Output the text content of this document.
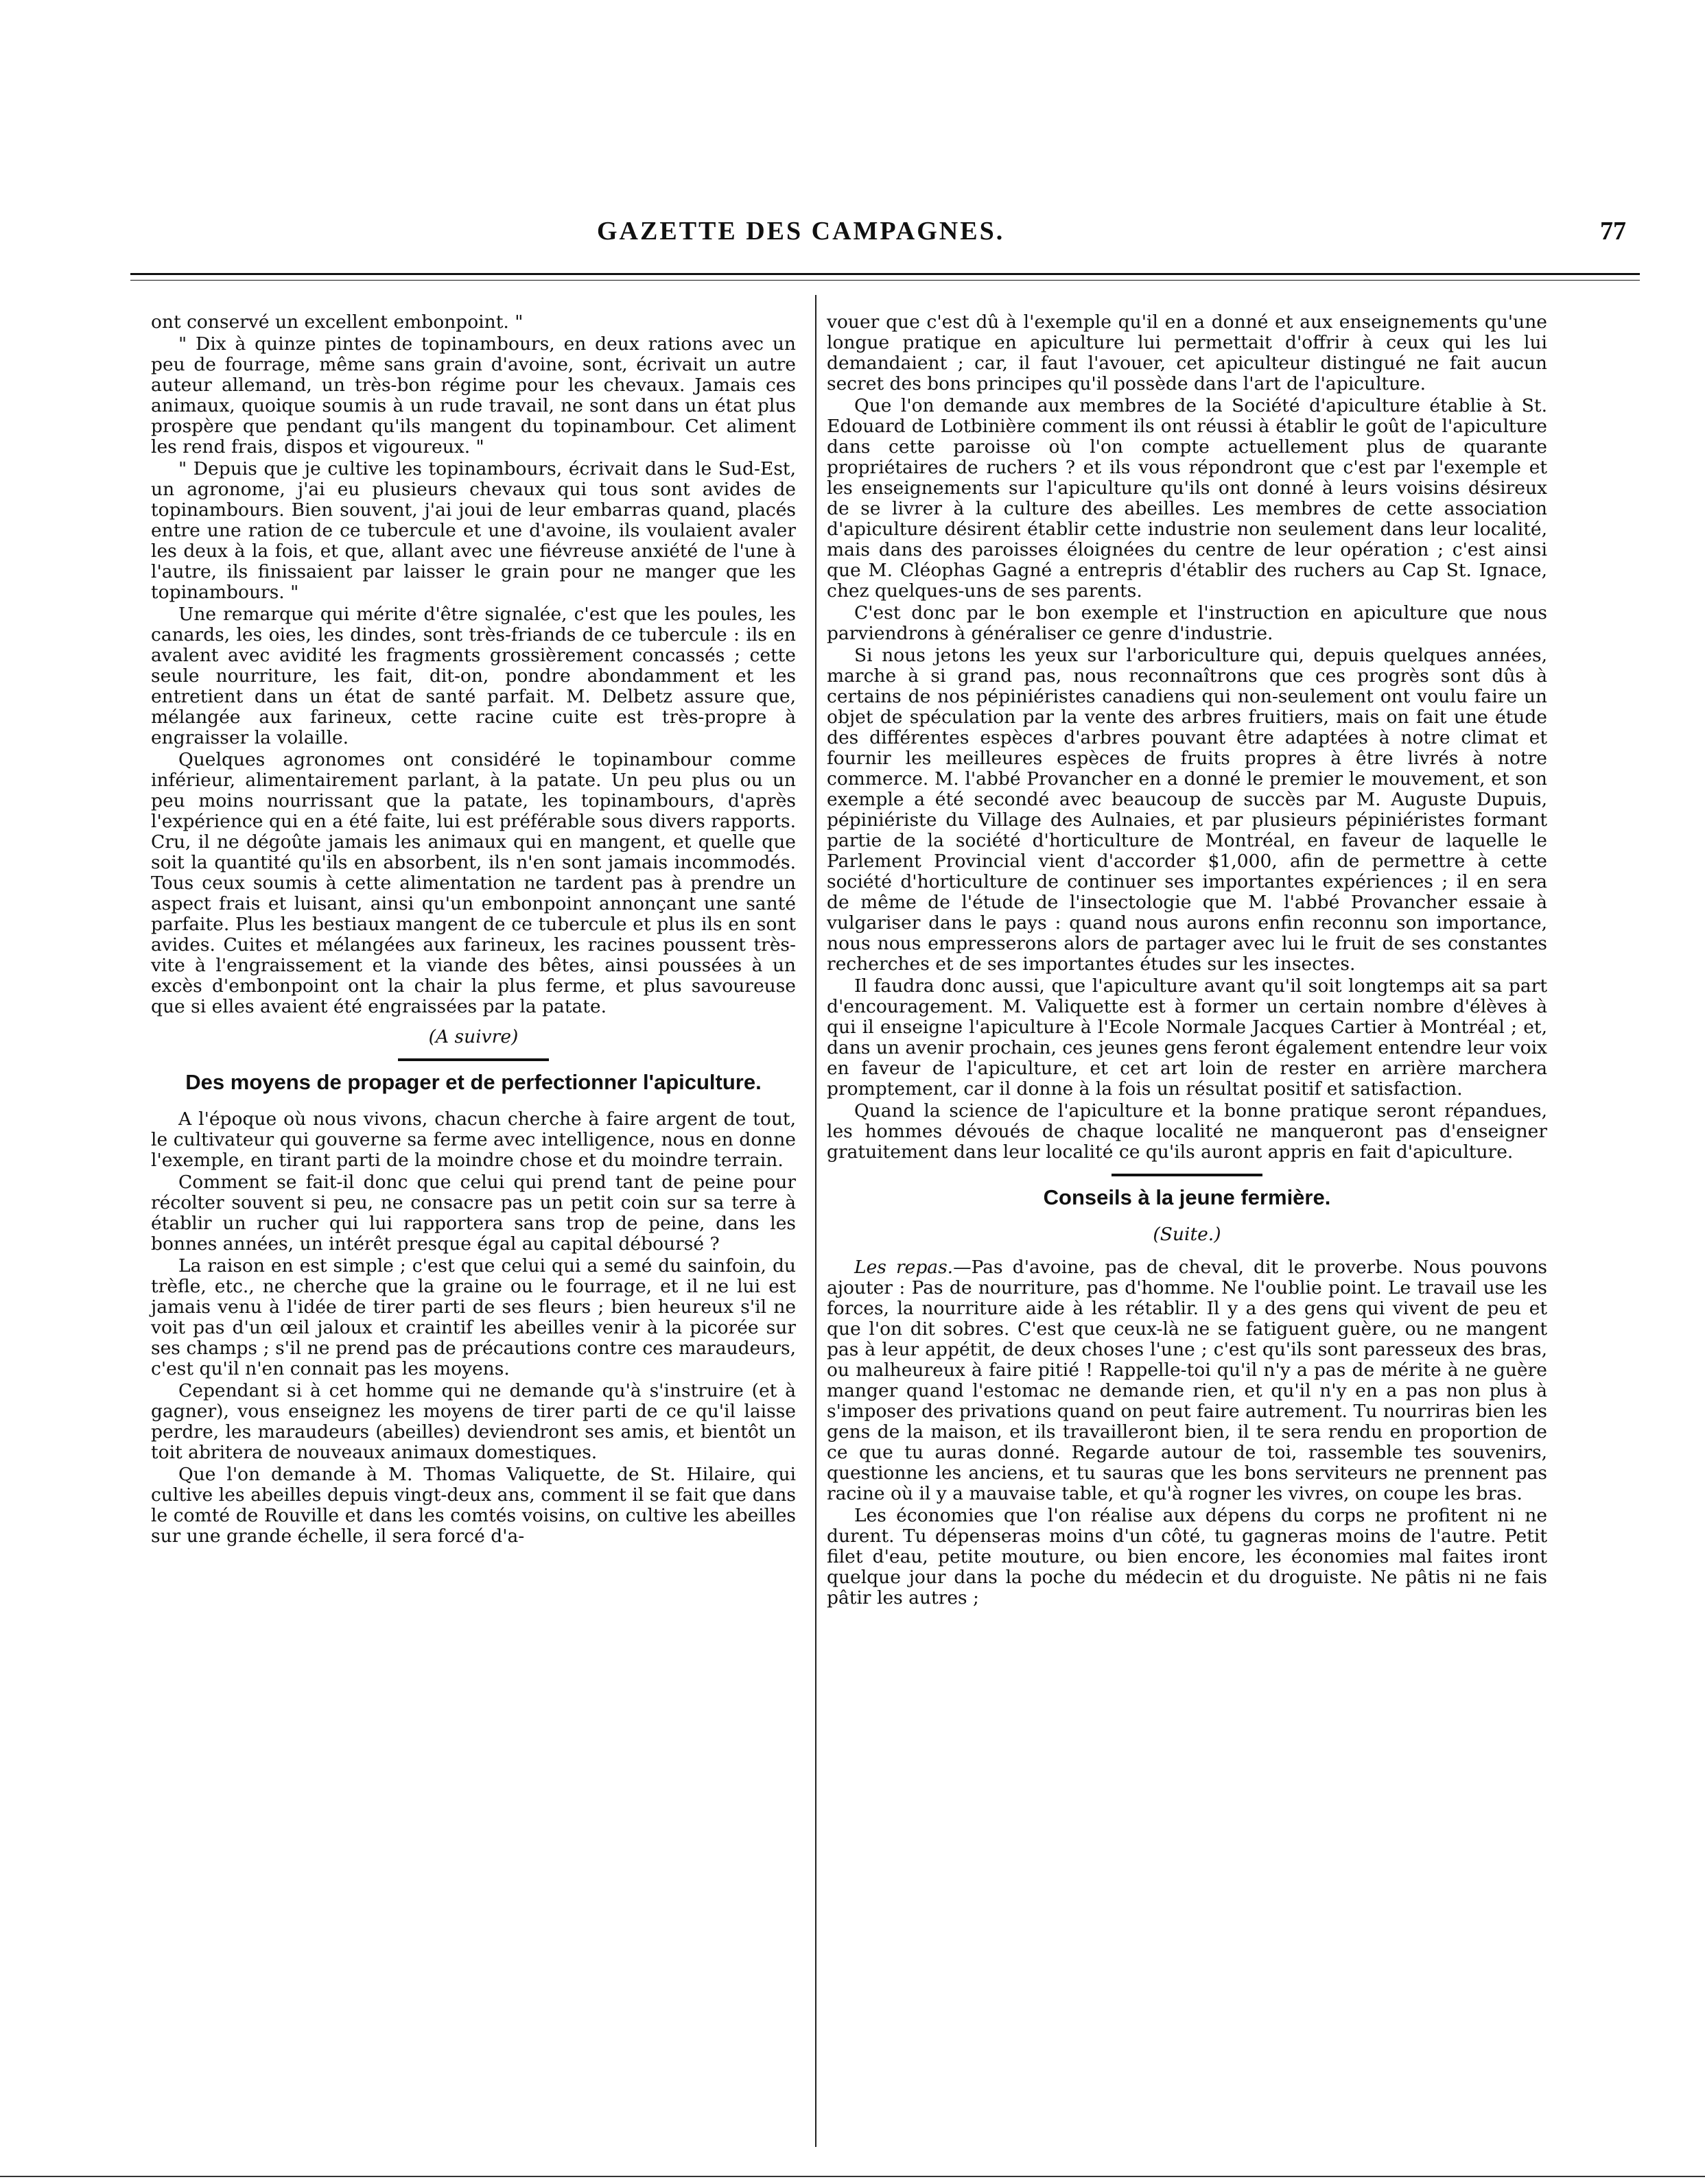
GAZETTE DES CAMPAGNES.	77

ont conservé un excellent embonpoint. "

" Dix à quinze pintes de topinambours, en deux rations avec un peu de fourrage, même sans grain d'avoine, sont, écrivait un autre auteur allemand, un très-bon régime pour les chevaux. Jamais ces animaux, quoique soumis à un rude travail, ne sont dans un état plus prospère que pendant qu'ils mangent du topinambour. Cet aliment les rend frais, dispos et vigoureux. "

" Depuis que je cultive les topinambours, écrivait dans le Sud-Est, un agronome, j'ai eu plusieurs chevaux qui tous sont avides de topinambours. Bien souvent, j'ai joui de leur embarras quand, placés entre une ration de ce tubercule et une d'avoine, ils voulaient avaler les deux à la fois, et que, allant avec une fiévreuse anxiété de l'une à l'autre, ils finissaient par laisser le grain pour ne manger que les topinambours. "

Une remarque qui mérite d'être signalée, c'est que les poules, les canards, les oies, les dindes, sont très-friands de ce tubercule : ils en avalent avec avidité les fragments grossièrement concassés ; cette seule nourriture, les fait, dit-on, pondre abondamment et les entretient dans un état de santé parfait. M. Delbetz assure que, mélangée aux farineux, cette racine cuite est très-propre à engraisser la volaille.

Quelques agronomes ont considéré le topinambour comme inférieur, alimentairement parlant, à la patate. Un peu plus ou un peu moins nourrissant que la patate, les topinambours, d'après l'expérience qui en a été faite, lui est préférable sous divers rapports. Cru, il ne dégoûte jamais les animaux qui en mangent, et quelle que soit la quantité qu'ils en absorbent, ils n'en sont jamais incommodés. Tous ceux soumis à cette alimentation ne tardent pas à prendre un aspect frais et luisant, ainsi qu'un embonpoint annonçant une santé parfaite. Plus les bestiaux mangent de ce tubercule et plus ils en sont avides. Cuites et mélangées aux farineux, les racines poussent très-vite à l'engraissement et la viande des bêtes, ainsi poussées à un excès d'embonpoint ont la chair la plus ferme, et plus savoureuse que si elles avaient été engraissées par la patate.

(A suivre)

Des moyens de propager et de perfectionner l'apiculture.

A l'époque où nous vivons, chacun cherche à faire argent de tout, le cultivateur qui gouverne sa ferme avec intelligence, nous en donne l'exemple, en tirant parti de la moindre chose et du moindre terrain.

Comment se fait-il donc que celui qui prend tant de peine pour récolter souvent si peu, ne consacre pas un petit coin sur sa terre à établir un rucher qui lui rapportera sans trop de peine, dans les bonnes années, un intérêt presque égal au capital déboursé ?

La raison en est simple ; c'est que celui qui a semé du sainfoin, du trèfle, etc., ne cherche que la graine ou le fourrage, et il ne lui est jamais venu à l'idée de tirer parti de ses fleurs ; bien heureux s'il ne voit pas d'un œil jaloux et craintif les abeilles venir à la picorée sur ses champs ; s'il ne prend pas de précautions contre ces maraudeurs, c'est qu'il n'en connait pas les moyens.

Cependant si à cet homme qui ne demande qu'à s'instruire (et à gagner), vous enseignez les moyens de tirer parti de ce qu'il laisse perdre, les maraudeurs (abeilles) deviendront ses amis, et bientôt un toit abritera de nouveaux animaux domestiques.

Que l'on demande à M. Thomas Valiquette, de St. Hilaire, qui cultive les abeilles depuis vingt-deux ans, comment il se fait que dans le comté de Rouville et dans les comtés voisins, on cultive les abeilles sur une grande échelle, il sera forcé d'a-

vouer que c'est dû à l'exemple qu'il en a donné et aux enseignements qu'une longue pratique en apiculture lui permettait d'offrir à ceux qui les lui demandaient ; car, il faut l'avouer, cet apiculteur distingué ne fait aucun secret des bons principes qu'il possède dans l'art de l'apiculture.

Que l'on demande aux membres de la Société d'apiculture établie à St. Edouard de Lotbinière comment ils ont réussi à établir le goût de l'apiculture dans cette paroisse où l'on compte actuellement plus de quarante propriétaires de ruchers ? et ils vous répondront que c'est par l'exemple et les enseignements sur l'apiculture qu'ils ont donné à leurs voisins désireux de se livrer à la culture des abeilles. Les membres de cette association d'apiculture désirent établir cette industrie non seulement dans leur localité, mais dans des paroisses éloignées du centre de leur opération ; c'est ainsi que M. Cléophas Gagné a entrepris d'établir des ruchers au Cap St. Ignace, chez quelques-uns de ses parents.

C'est donc par le bon exemple et l'instruction en apiculture que nous parviendrons à généraliser ce genre d'industrie.

Si nous jetons les yeux sur l'arboriculture qui, depuis quelques années, marche à si grand pas, nous reconnaîtrons que ces progrès sont dûs à certains de nos pépiniéristes canadiens qui non-seulement ont voulu faire un objet de spéculation par la vente des arbres fruitiers, mais on fait une étude des différentes espèces d'arbres pouvant être adaptées à notre climat et fournir les meilleures espèces de fruits propres à être livrés à notre commerce. M. l'abbé Provancher en a donné le premier le mouvement, et son exemple a été secondé avec beaucoup de succès par M. Auguste Dupuis, pépiniériste du Village des Aulnaies, et par plusieurs pépiniéristes formant partie de la société d'horticulture de Montréal, en faveur de laquelle le Parlement Provincial vient d'accorder $1,000, afin de permettre à cette société d'horticulture de continuer ses importantes expériences ; il en sera de même de l'étude de l'insectologie que M. l'abbé Provancher essaie à vulgariser dans le pays : quand nous aurons enfin reconnu son importance, nous nous empresserons alors de partager avec lui le fruit de ses constantes recherches et de ses importantes études sur les insectes.

Il faudra donc aussi, que l'apiculture avant qu'il soit longtemps ait sa part d'encouragement. M. Valiquette est à former un certain nombre d'élèves à qui il enseigne l'apiculture à l'Ecole Normale Jacques Cartier à Montréal ; et, dans un avenir prochain, ces jeunes gens feront également entendre leur voix en faveur de l'apiculture, et cet art loin de rester en arrière marchera promptement, car il donne à la fois un résultat positif et satisfaction.

Quand la science de l'apiculture et la bonne pratique seront répandues, les hommes dévoués de chaque localité ne manqueront pas d'enseigner gratuitement dans leur localité ce qu'ils auront appris en fait d'apiculture.

Conseils à la jeune fermière.

(Suite.)

Les repas.—Pas d'avoine, pas de cheval, dit le proverbe. Nous pouvons ajouter : Pas de nourriture, pas d'homme. Ne l'oublie point. Le travail use les forces, la nourriture aide à les rétablir. Il y a des gens qui vivent de peu et que l'on dit sobres. C'est que ceux-là ne se fatiguent guère, ou ne mangent pas à leur appétit, de deux choses l'une ; c'est qu'ils sont paresseux des bras, ou malheureux à faire pitié ! Rappelle-toi qu'il n'y a pas de mérite à ne guère manger quand l'estomac ne demande rien, et qu'il n'y en a pas non plus à s'imposer des privations quand on peut faire autrement. Tu nourriras bien les gens de la maison, et ils travailleront bien, il te sera rendu en proportion de ce que tu auras donné. Regarde autour de toi, rassemble tes souvenirs, questionne les anciens, et tu sauras que les bons serviteurs ne prennent pas racine où il y a mauvaise table, et qu'à rogner les vivres, on coupe les bras.

Les économies que l'on réalise aux dépens du corps ne profitent ni ne durent. Tu dépenseras moins d'un côté, tu gagneras moins de l'autre. Petit filet d'eau, petite mouture, ou bien encore, les économies mal faites iront quelque jour dans la poche du médecin et du droguiste. Ne pâtis ni ne fais pâtir les autres ;
